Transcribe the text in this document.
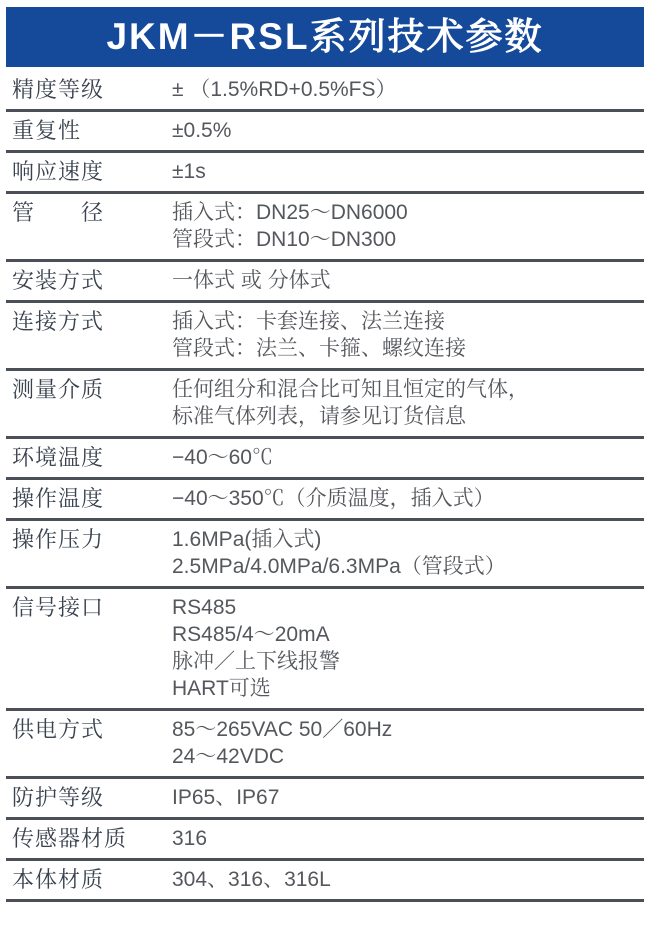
JKM－RSL系列技术参数
精度等级	± （1.5%RD+0.5%FS）
重复性	±0.5%
响应速度	±1s
管　　径	插入式：DN25～DN6000
管段式：DN10～DN300
安装方式	一体式 或 分体式
连接方式	插入式：卡套连接、法兰连接
管段式：法兰、卡箍、螺纹连接
测量介质	任何组分和混合比可知且恒定的气体，
标准气体列表，请参见订货信息
环境温度	−40～60℃
操作温度	−40～350℃（介质温度，插入式）
操作压力	1.6MPa(插入式)
2.5MPa/4.0MPa/6.3MPa（管段式）
信号接口	RS485
RS485/4～20mA
脉冲／上下线报警
HART可选
供电方式	85～265VAC 50／60Hz
24～42VDC
防护等级	IP65、IP67
传感器材质	316
本体材质	304、316、316L
